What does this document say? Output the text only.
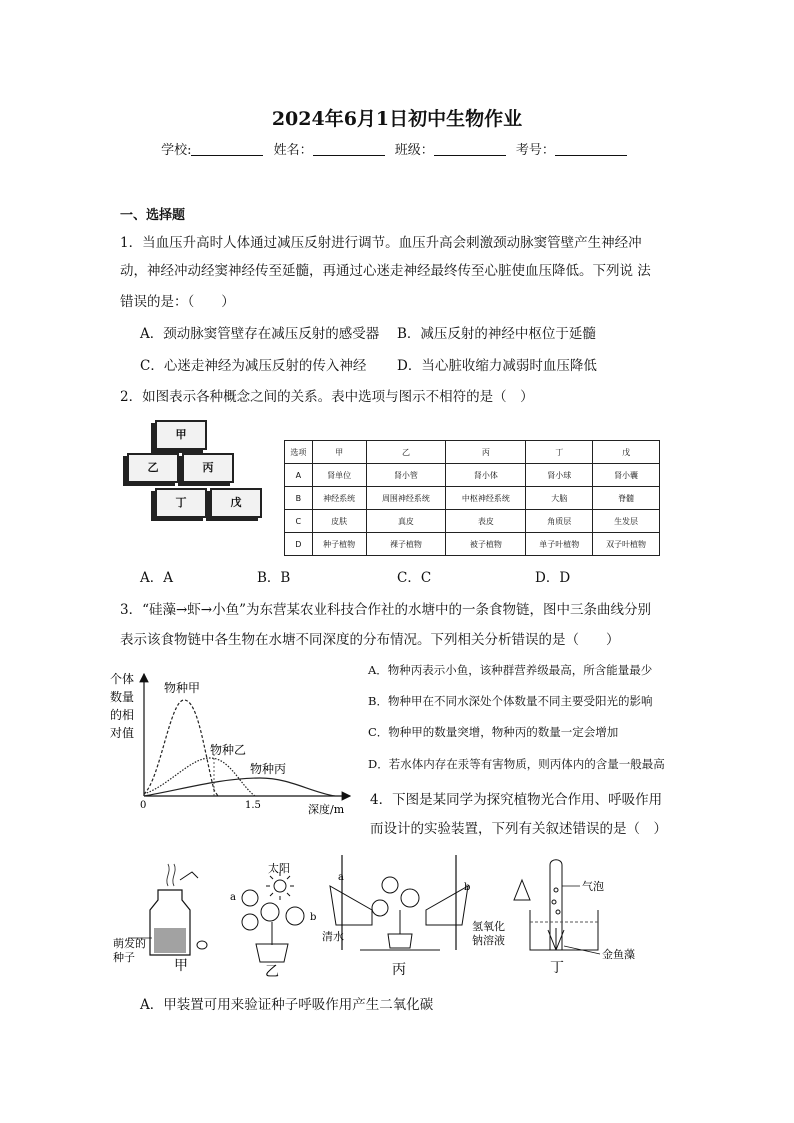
2024年6月1日初中生物作业
学校:	姓名：	班级：	考号：
一、选择题
1．当血压升高时人体通过减压反射进行调节。血压升高会刺激颈动脉窦管壁产生神经冲
动，神经冲动经窦神经传至延髓，再通过心迷走神经最终传至心脏使血压降低。下列说 法
错误的是：（　　）
A．颈动脉窦管壁存在减压反射的感受器 B．减压反射的神经中枢位于延髓
C．心迷走神经为减压反射的传入神经 D．当心脏收缩力减弱时血压降低
2．如图表示各种概念之间的关系。表中选项与图示不相符的是（　）
甲
乙	丙
丁	戊
选项	甲	乙	丙	丁	戊
A	肾单位	肾小管	肾小体	肾小球	肾小囊
B	神经系统	周围神经系统	中枢神经系统	大脑	脊髓
C	皮肤	真皮	表皮	角质层	生发层
D	种子植物	裸子植物	被子植物	单子叶植物	双子叶植物
A．A	B．B	C．C	D．D
3．“硅藻→虾→小鱼”为东营某农业科技合作社的水塘中的一条食物链，图中三条曲线分别
表示该食物链中各生物在水塘不同深度的分布情况。下列相关分析错误的是（　　）
个体
数量
的相
对值
物种甲
物种乙
物种丙
0	1.5	深度/m
A．物种丙表示小鱼，该种群营养级最高，所含能量最少
B．物种甲在不同水深处个体数量不同主要受阳光的影响
C．物种甲的数量突增，物种丙的数量一定会增加
D．若水体内存在汞等有害物质，则丙体内的含量一般最高
4．下图是某同学为探究植物光合作用、呼吸作用
而设计的实验装置，下列有关叙述错误的是（　）
萌发的
种子
甲
太阳
a
b
乙
a
b
清水
氢氧化
钠溶液
丙
气泡
金鱼藻
丁
A．甲装置可用来验证种子呼吸作用产生二氧化碳
